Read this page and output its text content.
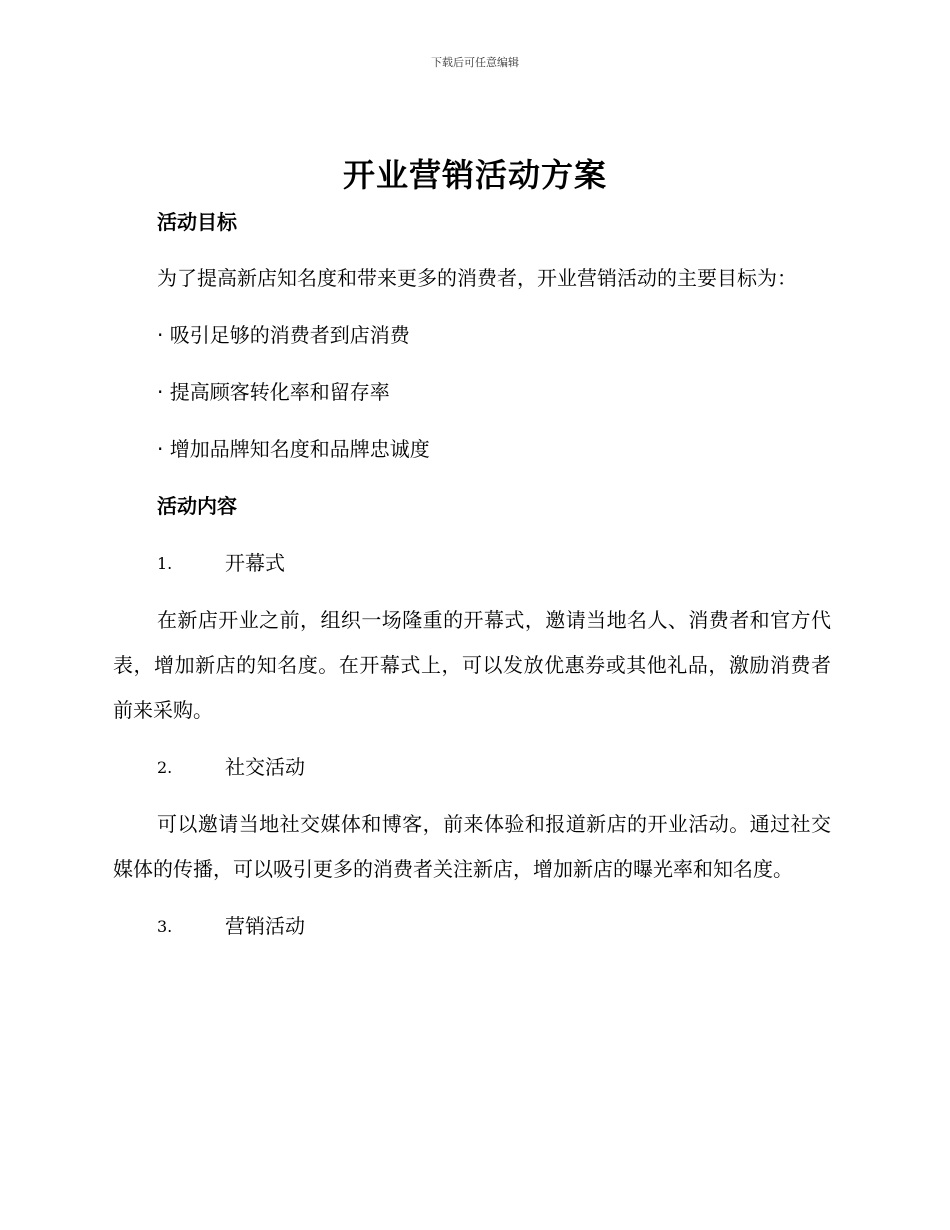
下载后可任意编辑
开业营销活动方案
活动目标

为了提高新店知名度和带来更多的消费者，开业营销活动的主要目标为：

· 吸引足够的消费者到店消费
· 提高顾客转化率和留存率
· 增加品牌知名度和品牌忠诚度
活动内容
1.	开幕式

在新店开业之前，组织一场隆重的开幕式，邀请当地名人、消费者和官方代表，增加新店的知名度。在开幕式上，可以发放优惠券或其他礼品，激励消费者前来采购。

2.	社交活动

可以邀请当地社交媒体和博客，前来体验和报道新店的开业活动。通过社交媒体的传播，可以吸引更多的消费者关注新店，增加新店的曝光率和知名度。

3.	营销活动
